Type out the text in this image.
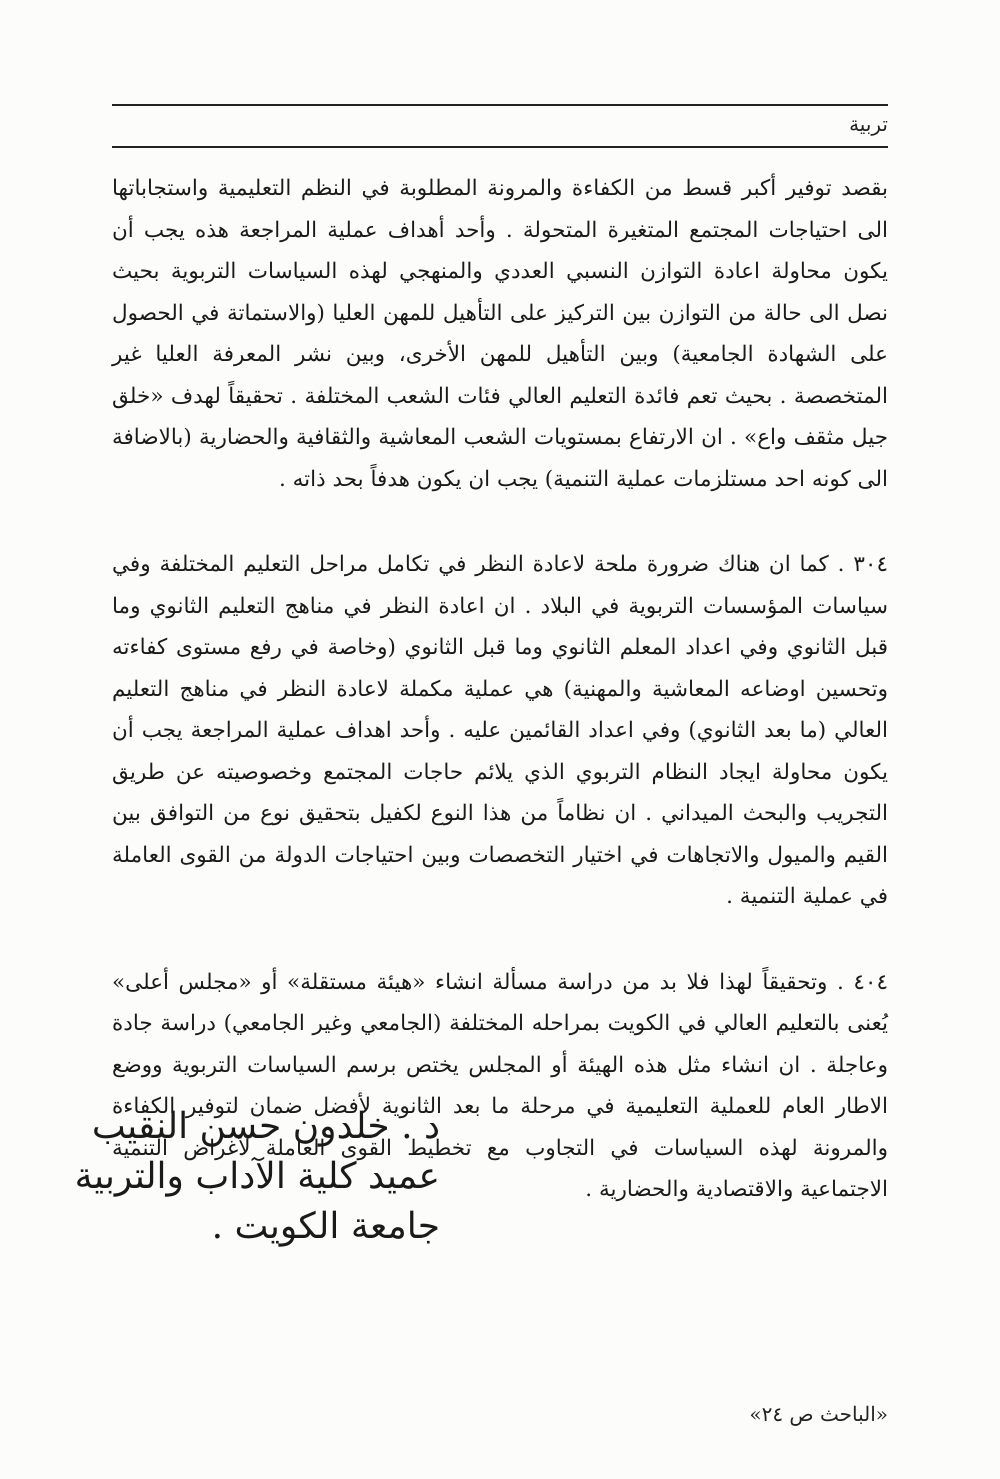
تربية

بقصد توفير أكبر قسط من الكفاءة والمرونة المطلوبة في النظم التعليمية واستجاباتها الى احتياجات المجتمع المتغيرة المتحولة . وأحد أهداف عملية المراجعة هذه يجب أن يكون محاولة اعادة التوازن النسبي العددي والمنهجي لهذه السياسات التربوية بحيث نصل الى حالة من التوازن بين التركيز على التأهيل للمهن العليا (والاستماتة في الحصول على الشهادة الجامعية) وبين التأهيل للمهن الأخرى، وبين نشر المعرفة العليا غير المتخصصة . بحيث تعم فائدة التعليم العالي فئات الشعب المختلفة . تحقيقاً لهدف «خلق جيل مثقف واع» . ان الارتفاع بمستويات الشعب المعاشية والثقافية والحضارية (بالاضافة الى كونه احد مستلزمات عملية التنمية) يجب ان يكون هدفاً بحد ذاته .

٣٠٤ . كما ان هناك ضرورة ملحة لاعادة النظر في تكامل مراحل التعليم المختلفة وفي سياسات المؤسسات التربوية في البلاد . ان اعادة النظر في مناهج التعليم الثانوي وما قبل الثانوي وفي اعداد المعلم الثانوي وما قبل الثانوي (وخاصة في رفع مستوى كفاءته وتحسين اوضاعه المعاشية والمهنية) هي عملية مكملة لاعادة النظر في مناهج التعليم العالي (ما بعد الثانوي) وفي اعداد القائمين عليه . وأحد اهداف عملية المراجعة يجب أن يكون محاولة ايجاد النظام التربوي الذي يلائم حاجات المجتمع وخصوصيته عن طريق التجريب والبحث الميداني . ان نظاماً من هذا النوع لكفيل بتحقيق نوع من التوافق بين القيم والميول والاتجاهات في اختيار التخصصات وبين احتياجات الدولة من القوى العاملة في عملية التنمية .

٤٠٤ . وتحقيقاً لهذا فلا بد من دراسة مسألة انشاء «هيئة مستقلة» أو «مجلس أعلى» يُعنى بالتعليم العالي في الكويت بمراحله المختلفة (الجامعي وغير الجامعي) دراسة جادة وعاجلة . ان انشاء مثل هذه الهيئة أو المجلس يختص برسم السياسات التربوية ووضع الاطار العام للعملية التعليمية في مرحلة ما بعد الثانوية لأفضل ضمان لتوفير الكفاءة والمرونة لهذه السياسات في التجاوب مع تخطيط القوى العاملة لأغراض التنمية الاجتماعية والاقتصادية والحضارية .

د . خلدون حسن النقيب
عميد كلية الآداب والتربية
جامعة الكويت .
«الباحث ص ٢٤»
